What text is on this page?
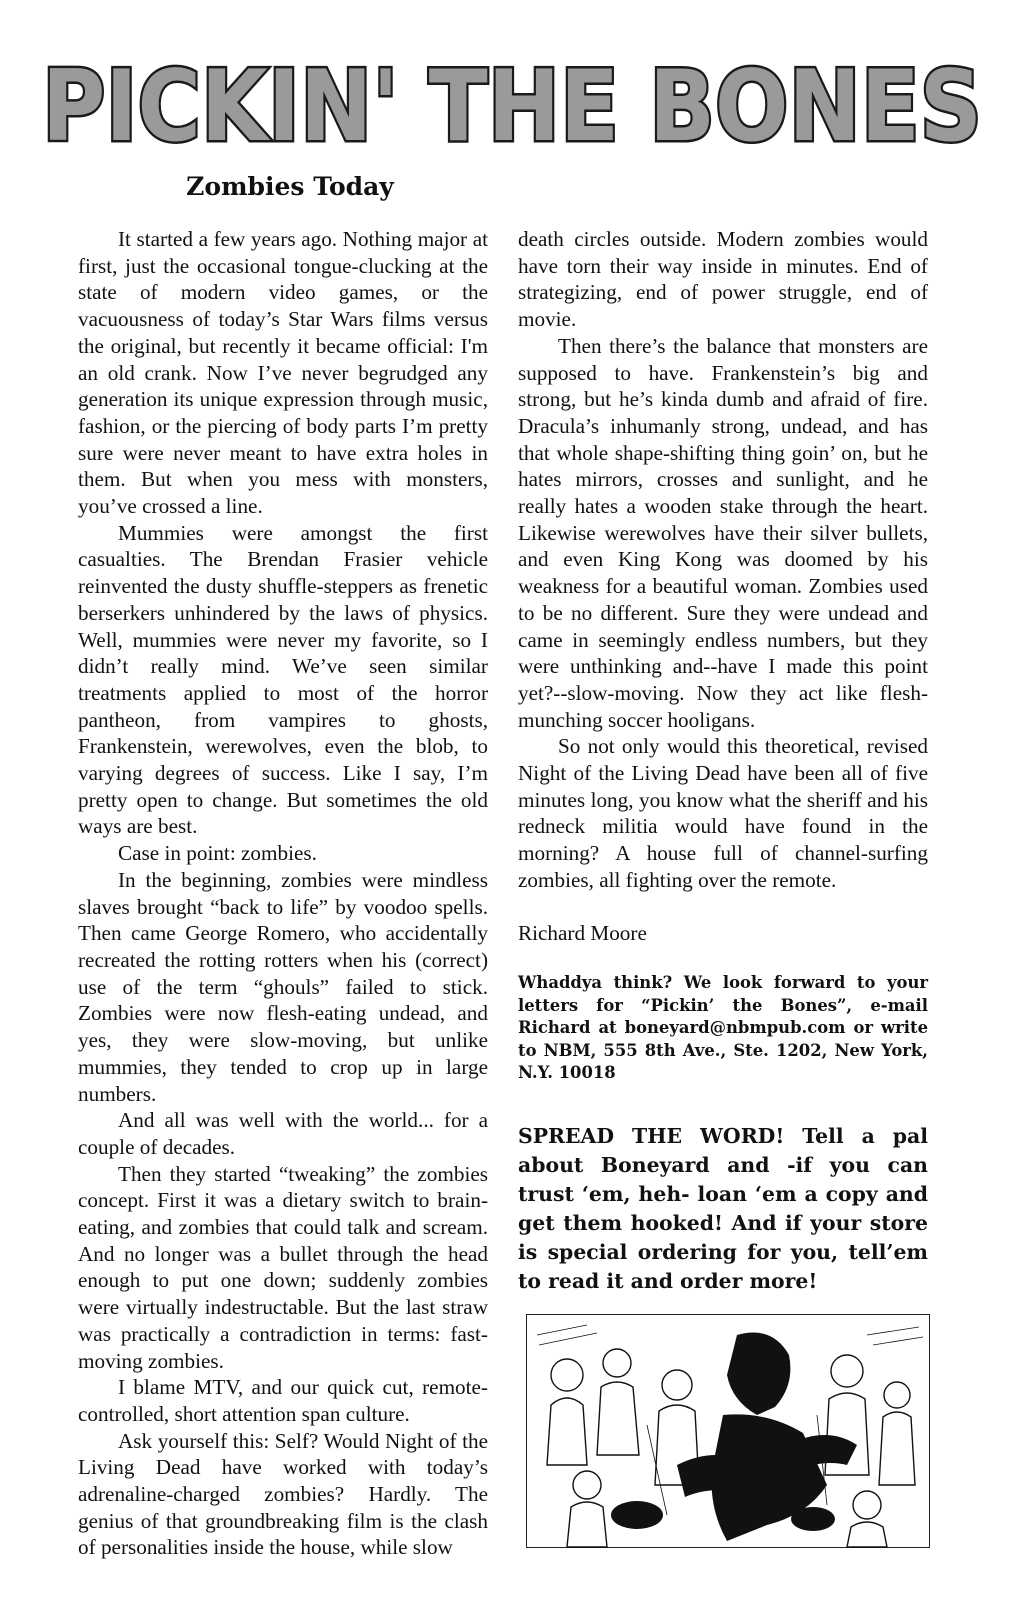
PICKIN' THE BONES
Zombies Today

It started a few years ago. Nothing major at first, just the occasional tongue-clucking at the state of modern video games, or the vacuousness of today’s Star Wars films versus the original, but recently it became official: I'm an old crank. Now I’ve never begrudged any generation its unique expression through music, fashion, or the piercing of body parts I’m pretty sure were never meant to have extra holes in them. But when you mess with monsters, you’ve crossed a line.

Mummies were amongst the first casualties. The Brendan Frasier vehicle reinvented the dusty shuffle-steppers as frenetic berserkers unhindered by the laws of physics. Well, mummies were never my favorite, so I didn’t really mind. We’ve seen similar treatments applied to most of the horror pantheon, from vampires to ghosts, Frankenstein, werewolves, even the blob, to varying degrees of success. Like I say, I’m pretty open to change. But sometimes the old ways are best.

Case in point: zombies.

In the beginning, zombies were mindless slaves brought “back to life” by voodoo spells. Then came George Romero, who accidentally recreated the rotting rotters when his (correct) use of the term “ghouls” failed to stick. Zombies were now flesh-eating undead, and yes, they were slow-moving, but unlike mummies, they tended to crop up in large numbers.

And all was well with the world... for a couple of decades.

Then they started “tweaking” the zombies concept. First it was a dietary switch to brain-eating, and zombies that could talk and scream. And no longer was a bullet through the head enough to put one down; suddenly zombies were virtually indestructable. But the last straw was practically a contradiction in terms: fast-moving zombies.

I blame MTV, and our quick cut, remote-controlled, short attention span culture.

Ask yourself this: Self? Would Night of the Living Dead have worked with today’s adrenaline-charged zombies? Hardly. The genius of that groundbreaking film is the clash of personalities inside the house, while slow

death circles outside. Modern zombies would have torn their way inside in minutes. End of strategizing, end of power struggle, end of movie.

Then there’s the balance that monsters are supposed to have. Frankenstein’s big and strong, but he’s kinda dumb and afraid of fire. Dracula’s inhumanly strong, undead, and has that whole shape-shifting thing goin’ on, but he hates mirrors, crosses and sunlight, and he really hates a wooden stake through the heart. Likewise werewolves have their silver bullets, and even King Kong was doomed by his weakness for a beautiful woman. Zombies used to be no different. Sure they were undead and came in seemingly endless numbers, but they were unthinking and--have I made this point yet?--slow-moving. Now they act like flesh-munching soccer hooligans.

So not only would this theoretical, revised Night of the Living Dead have been all of five minutes long, you know what the sheriff and his redneck militia would have found in the morning? A house full of channel-surfing zombies, all fighting over the remote.

Richard Moore

Whaddya think? We look forward to your letters for “Pickin’ the Bones”, e-mail Richard at boneyard@nbmpub.com or write to NBM, 555 8th Ave., Ste. 1202, New York, N.Y. 10018

SPREAD THE WORD! Tell a pal about Boneyard and -if you can trust ‘em, heh- loan ‘em a copy and get them hooked! And if your store is special ordering for you, tell’em to read it and order more!
